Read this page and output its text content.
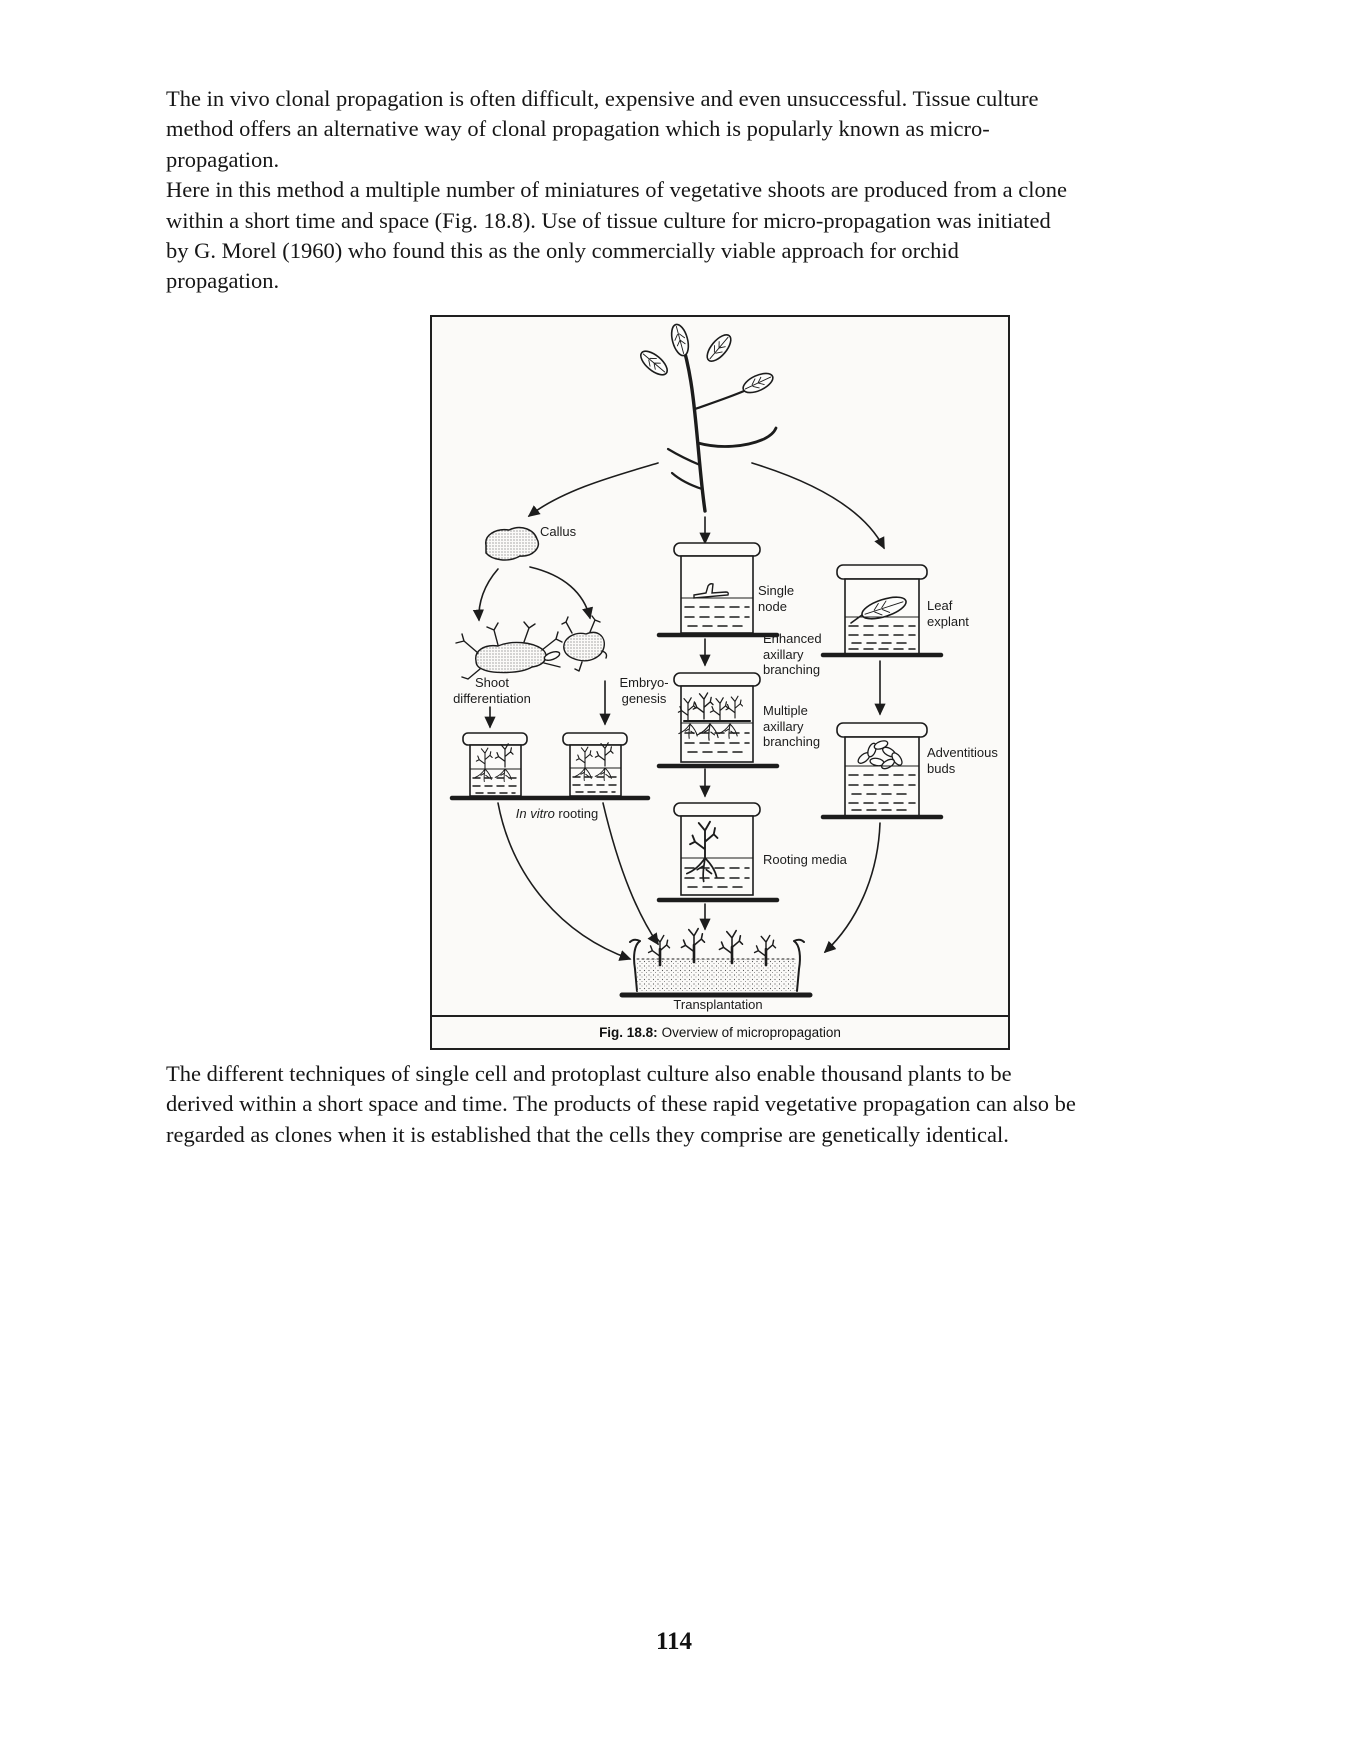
The in vivo clonal propagation is often difficult, expensive and even unsuccessful. Tissue culture
method offers an alternative way of clonal propagation which is popularly known as micro-
propagation.
Here in this method a multiple number of miniatures of vegetative shoots are produced from a clone
within a short time and space (Fig. 18.8). Use of tissue culture for micro-propagation was initiated
by G. Morel (1960) who found this as the only commercially viable approach for orchid
propagation.
Callus
Single
node
Enhanced
axillary
branching
Multiple
axillary
branching
Rooting media
Transplantation
Leaf
explant
Adventitious
buds
Shoot
differentiation
Embryo-
genesis
In vitro rooting
Fig. 18.8: Overview of micropropagation
The different techniques of single cell and protoplast culture also enable thousand plants to be
derived within a short space and time. The products of these rapid vegetative propagation can also be
regarded as clones when it is established that the cells they comprise are genetically identical.
114
